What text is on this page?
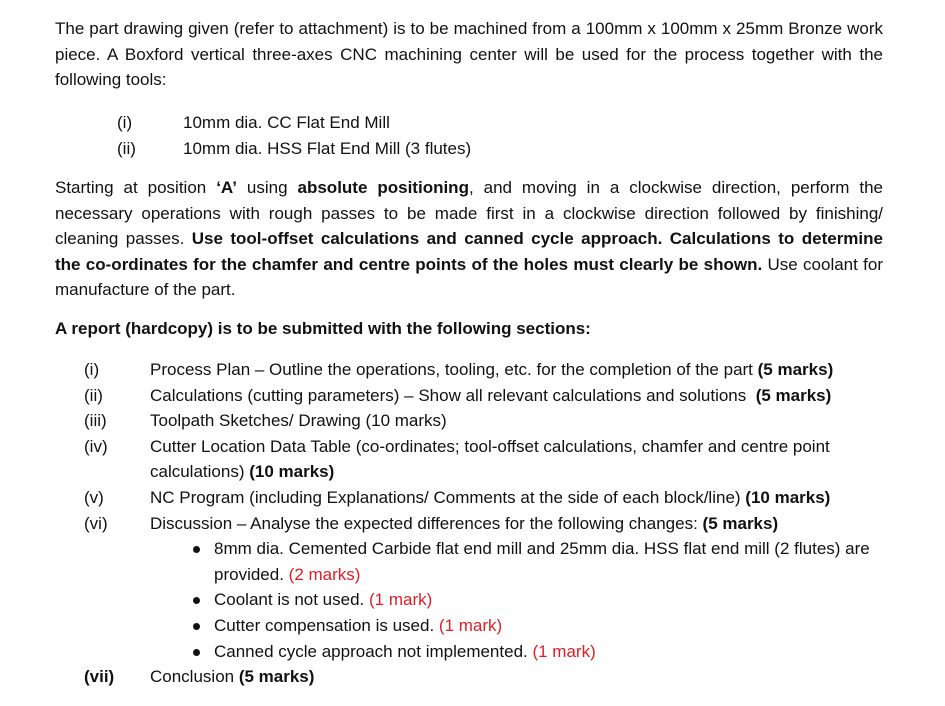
The part drawing given (refer to attachment) is to be machined from a 100mm x 100mm x 25mm Bronze work piece. A Boxford vertical three-axes CNC machining center will be used for the process together with the following tools:

(i)	10mm dia. CC Flat End Mill
(ii)	10mm dia. HSS Flat End Mill (3 flutes)

Starting at position ‘A’ using absolute positioning, and moving in a clockwise direction, perform the necessary operations with rough passes to be made first in a clockwise direction followed by finishing/ cleaning passes. Use tool-offset calculations and canned cycle approach. Calculations to determine the co-ordinates for the chamfer and centre points of the holes must clearly be shown. Use coolant for manufacture of the part.

A report (hardcopy) is to be submitted with the following sections:
(i)	Process Plan – Outline the operations, tooling, etc. for the completion of the part (5 marks)
(ii)	Calculations (cutting parameters) – Show all relevant calculations and solutions  (5 marks)
(iii)	Toolpath Sketches/ Drawing (10 marks)
(iv)	Cutter Location Data Table (co-ordinates; tool-offset calculations, chamfer and centre point calculations) (10 marks)
(v)	NC Program (including Explanations/ Comments at the side of each block/line) (10 marks)
(vi)	Discussion – Analyse the expected differences for the following changes: (5 marks)
8mm dia. Cemented Carbide flat end mill and 25mm dia. HSS flat end mill (2 flutes) are provided. (2 marks)
Coolant is not used. (1 mark)
Cutter compensation is used. (1 mark)
Canned cycle approach not implemented. (1 mark)
(vii)	Conclusion (5 marks)
